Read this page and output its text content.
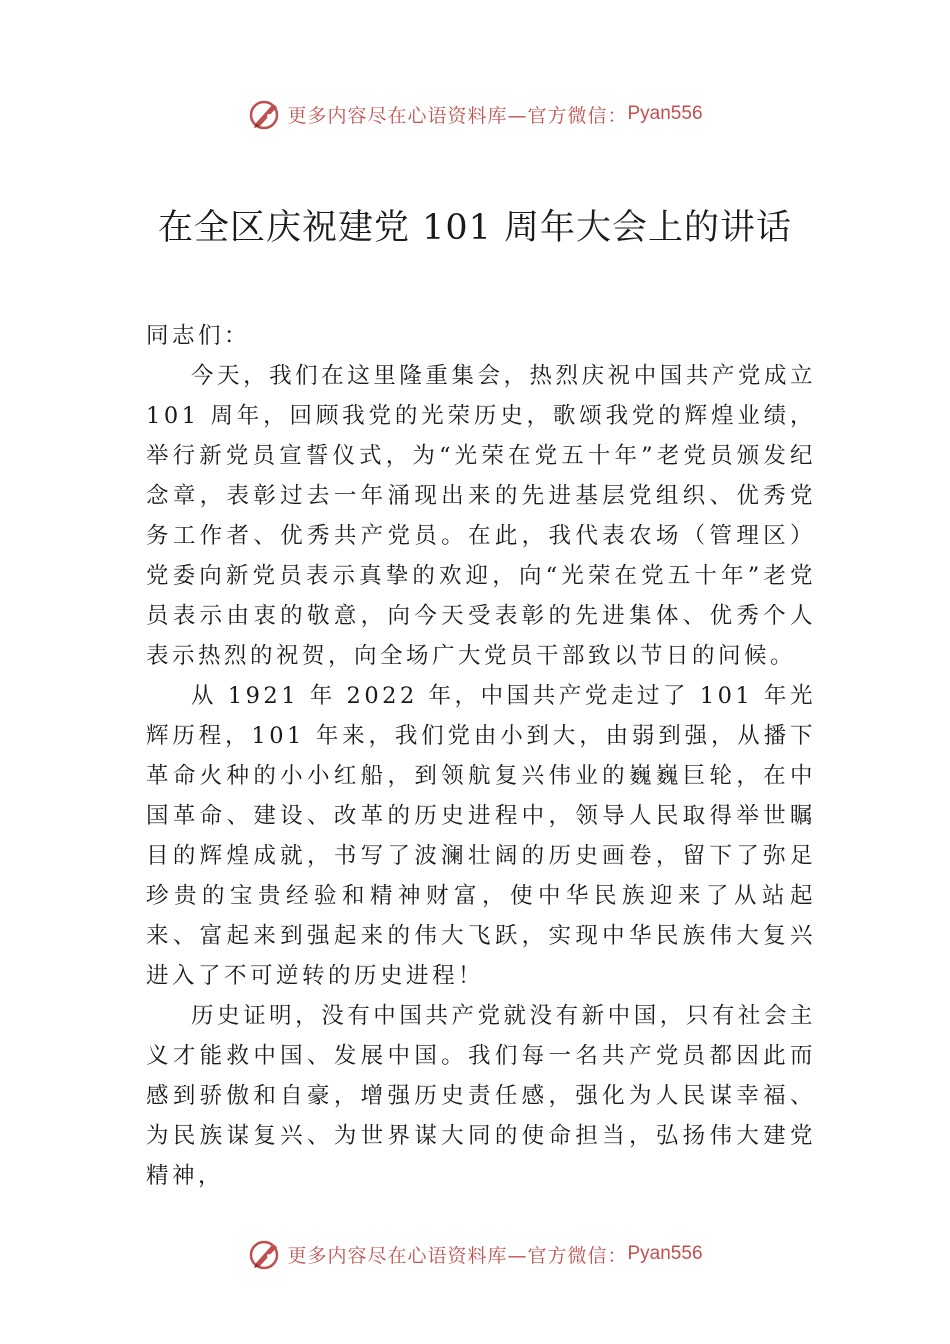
更多内容尽在心语资料库—官方微信： Pyan556
在全区庆祝建党 101 周年大会上的讲话

同志们：

今天，我们在这里隆重集会，热烈庆祝中国共产党成立 101 周年，回顾我党的光荣历史，歌颂我党的辉煌业绩，举行新党员宣誓仪式，为“光荣在党五十年”老党员颁发纪念章，表彰过去一年涌现出来的先进基层党组织、优秀党务工作者、优秀共产党员。在此，我代表农场（管理区）党委向新党员表示真挚的欢迎，向“光荣在党五十年”老党员表示由衷的敬意，向今天受表彰的先进集体、优秀个人表示热烈的祝贺，向全场广大党员干部致以节日的问候。

从 1921 年 2022 年，中国共产党走过了 101 年光辉历程，101 年来，我们党由小到大，由弱到强，从播下革命火种的小小红船，到领航复兴伟业的巍巍巨轮，在中国革命、建设、改革的历史进程中，领导人民取得举世瞩目的辉煌成就，书写了波澜壮阔的历史画卷，留下了弥足珍贵的宝贵经验和精神财富，使中华民族迎来了从站起来、富起来到强起来的伟大飞跃，实现中华民族伟大复兴进入了不可逆转的历史进程！

历史证明，没有中国共产党就没有新中国，只有社会主义才能救中国、发展中国。我们每一名共产党员都因此而感到骄傲和自豪，增强历史责任感，强化为人民谋幸福、为民族谋复兴、为世界谋大同的使命担当，弘扬伟大建党精神，

更多内容尽在心语资料库—官方微信： Pyan556
